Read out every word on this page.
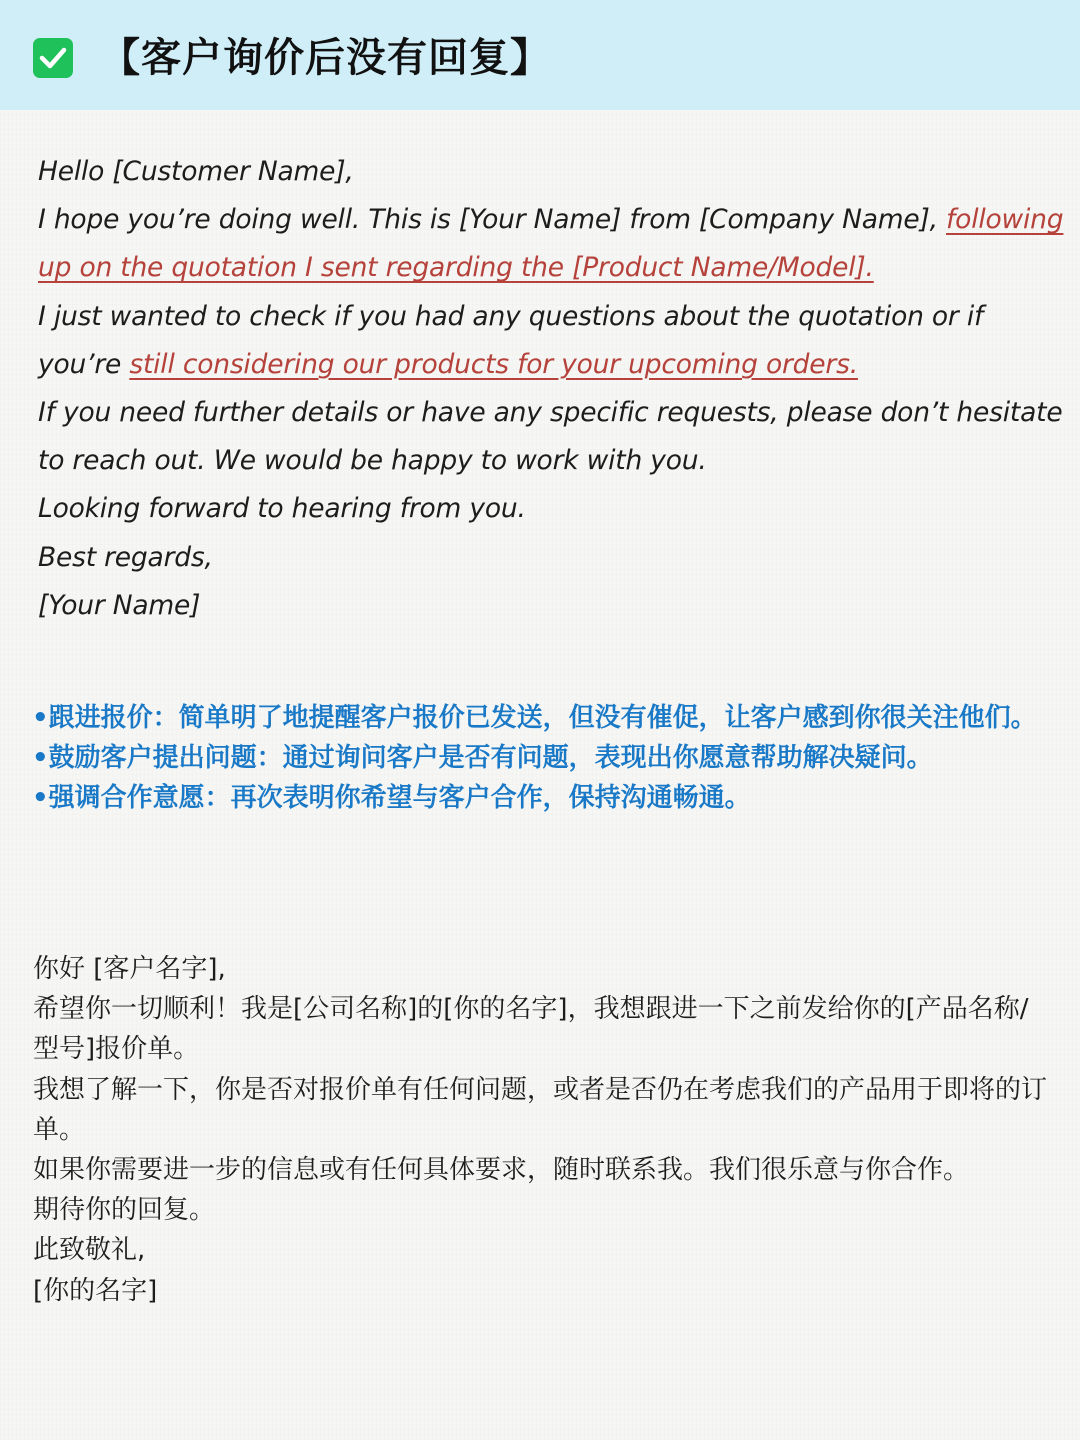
【客户询价后没有回复】

Hello [Customer Name],

I hope you’re doing well. This is [Your Name] from [Company Name], following up on the quotation I sent regarding the [Product Name/Model].

I just wanted to check if you had any questions about the quotation or if you’re still considering our products for your upcoming orders.

If you need further details or have any specific requests, please don’t hesitate to reach out. We would be happy to work with you.

Looking forward to hearing from you.

Best regards,

[Your Name]

•跟进报价：简单明了地提醒客户报价已发送，但没有催促，让客户感到你很关注他们。

•鼓励客户提出问题：通过询问客户是否有问题，表现出你愿意帮助解决疑问。

•强调合作意愿：再次表明你希望与客户合作，保持沟通畅通。

你好 [客户名字],

希望你一切顺利！我是[公司名称]的[你的名字]，我想跟进一下之前发给你的[产品名称/型号]报价单。

我想了解一下，你是否对报价单有任何问题，或者是否仍在考虑我们的产品用于即将的订单。

如果你需要进一步的信息或有任何具体要求，随时联系我。我们很乐意与你合作。

期待你的回复。

此致敬礼,

[你的名字]
